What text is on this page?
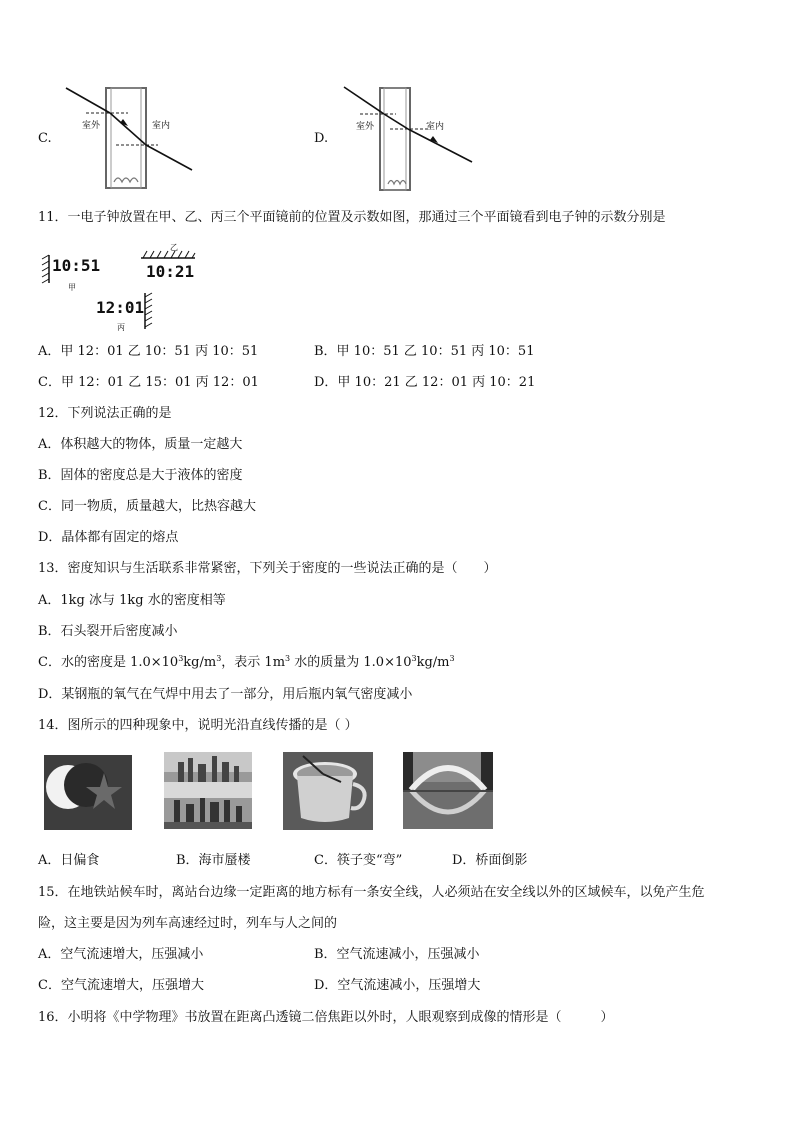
C.
室外	室内
D.
室外	室内
11．一电子钟放置在甲、乙、丙三个平面镜前的位置及示数如图，那通过三个平面镜看到电子钟的示数分别是
10:51
甲
乙
10:21
12:01
丙
A．甲 12：01 乙 10：51 丙 10：51	B．甲 10：51 乙 10：51 丙 10：51
C．甲 12：01 乙 15：01 丙 12：01	D．甲 10：21 乙 12：01 丙 10：21
12．下列说法正确的是
A．体积越大的物体，质量一定越大
B．固体的密度总是大于液体的密度
C．同一物质，质量越大，比热容越大
D．晶体都有固定的熔点
13．密度知识与生活联系非常紧密，下列关于密度的一些说法正确的是（　　）
A．1kg 冰与 1kg 水的密度相等
B．石头裂开后密度减小
C．水的密度是 $1.0\times 10^3kg/m^3$，表示 $1m^3$ 水的质量为 $1.0\times 10^3kg/m^3$
D．某钢瓶的氧气在气焊中用去了一部分，用后瓶内氧气密度减小
14．图所示的四种现象中，说明光沿直线传播的是（ ）
A．日偏食	B．海市蜃楼	C．筷子变“弯”	D．桥面倒影
15．在地铁站候车时，离站台边缘一定距离的地方标有一条安全线，人必须站在安全线以外的区域候车，以免产生危
险，这主要是因为列车高速经过时，列车与人之间的
A．空气流速增大，压强减小	B．空气流速减小，压强减小
C．空气流速增大，压强增大	D．空气流速减小，压强增大
16．小明将《中学物理》书放置在距离凸透镜二倍焦距以外时，人眼观察到成像的情形是（　　　）
